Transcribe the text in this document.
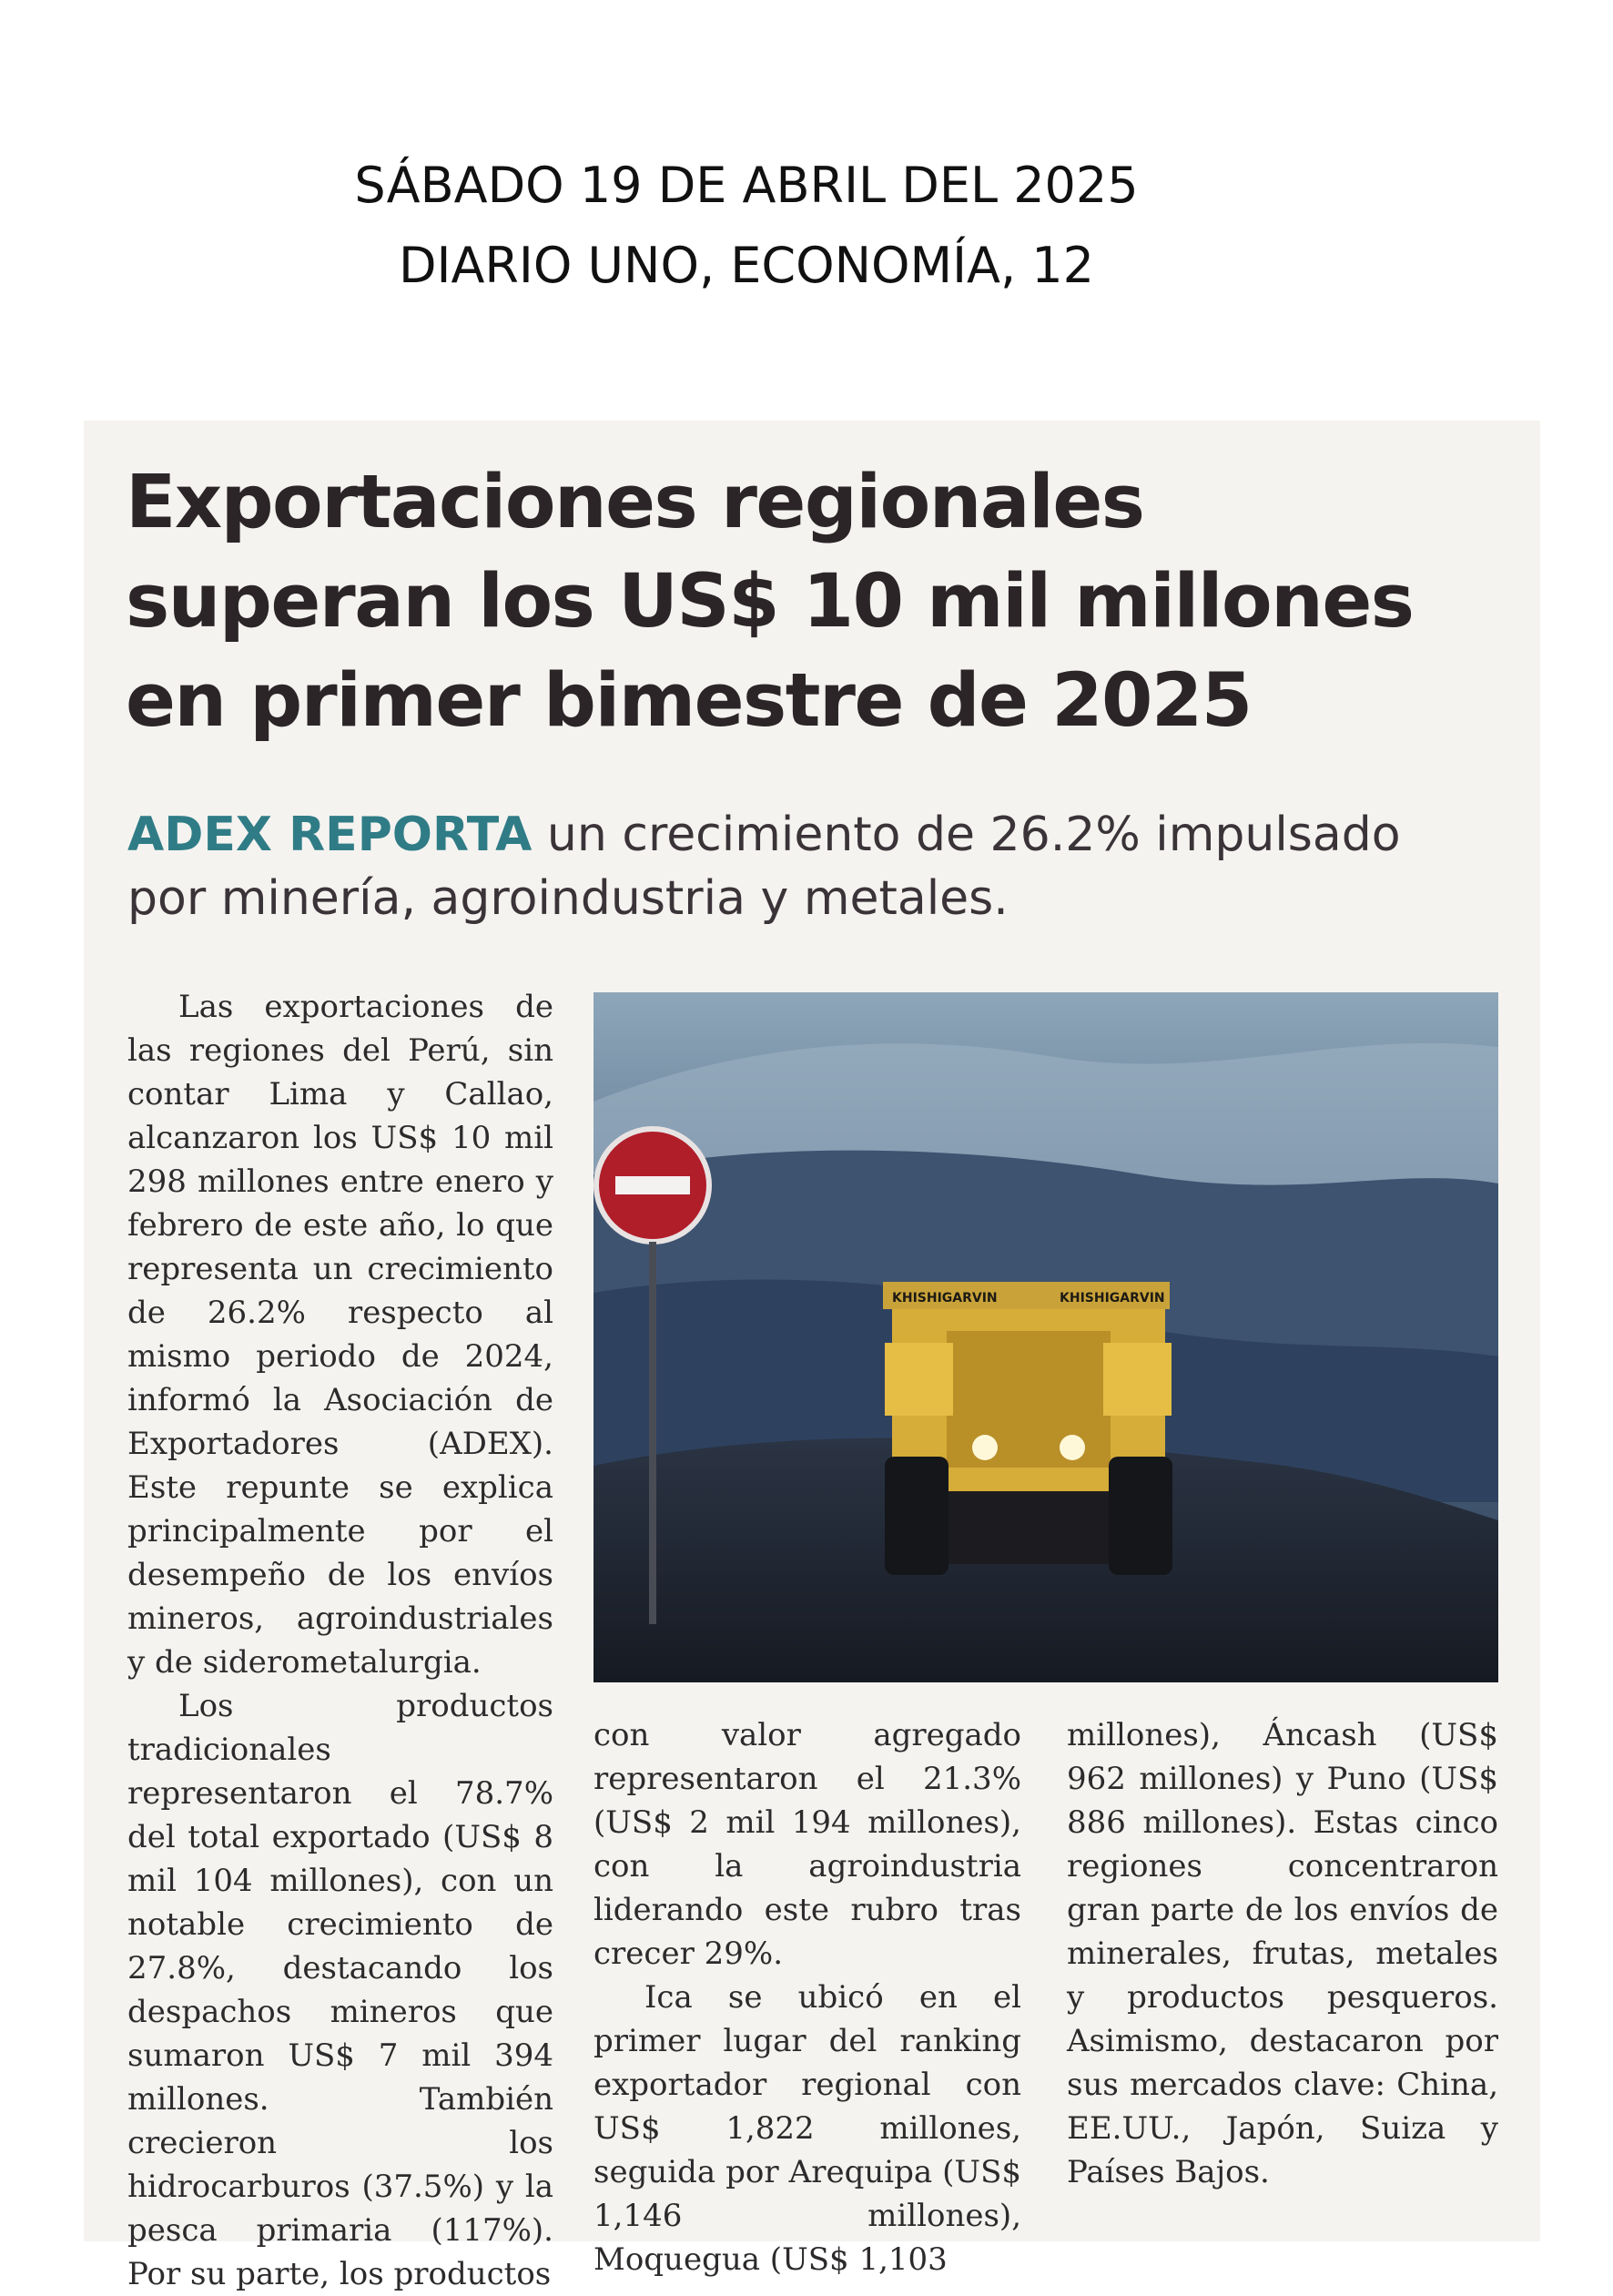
SÁBADO 19 DE ABRIL DEL 2025
DIARIO UNO, ECONOMÍA, 12
Exportaciones regionales
superan los US$ 10 mil millones
en primer bimestre de 2025

ADEX REPORTA un crecimiento de 26.2% impulsado por minería, agroindustria y metales.

Las exportaciones de las regiones del Perú, sin contar Lima y Callao, alcanzaron los US$ 10 mil 298 millones entre enero y febrero de este año, lo que representa un crecimiento de 26.2% respecto al mismo periodo de 2024, informó la Asociación de Exportadores (ADEX). Este repunte se explica principalmente por el desempeño de los envíos mineros, agroindustriales y de siderometalurgia.

Los productos tradicionales representaron el 78.7% del total exportado (US$ 8 mil 104 millones), con un notable crecimiento de 27.8%, destacando los despachos mineros que sumaron US$ 7 mil 394 millones. También crecieron los hidrocarburos (37.5%) y la pesca primaria (117%). Por su parte, los productos

KHISHIGARVIN	KHISHIGARVIN

con valor agregado representaron el 21.3% (US$ 2 mil 194 millones), con la agroindustria liderando este rubro tras crecer 29%.

Ica se ubicó en el primer lugar del ranking exportador regional con US$ 1,822 millones, seguida por Arequipa (US$ 1,146 millones), Moquegua (US$ 1,103

millones), Áncash (US$ 962 millones) y Puno (US$ 886 millones). Estas cinco regiones concentraron gran parte de los envíos de minerales, frutas, metales y productos pesqueros. Asimismo, destacaron por sus mercados clave: China, EE.UU., Japón, Suiza y Países Bajos.
